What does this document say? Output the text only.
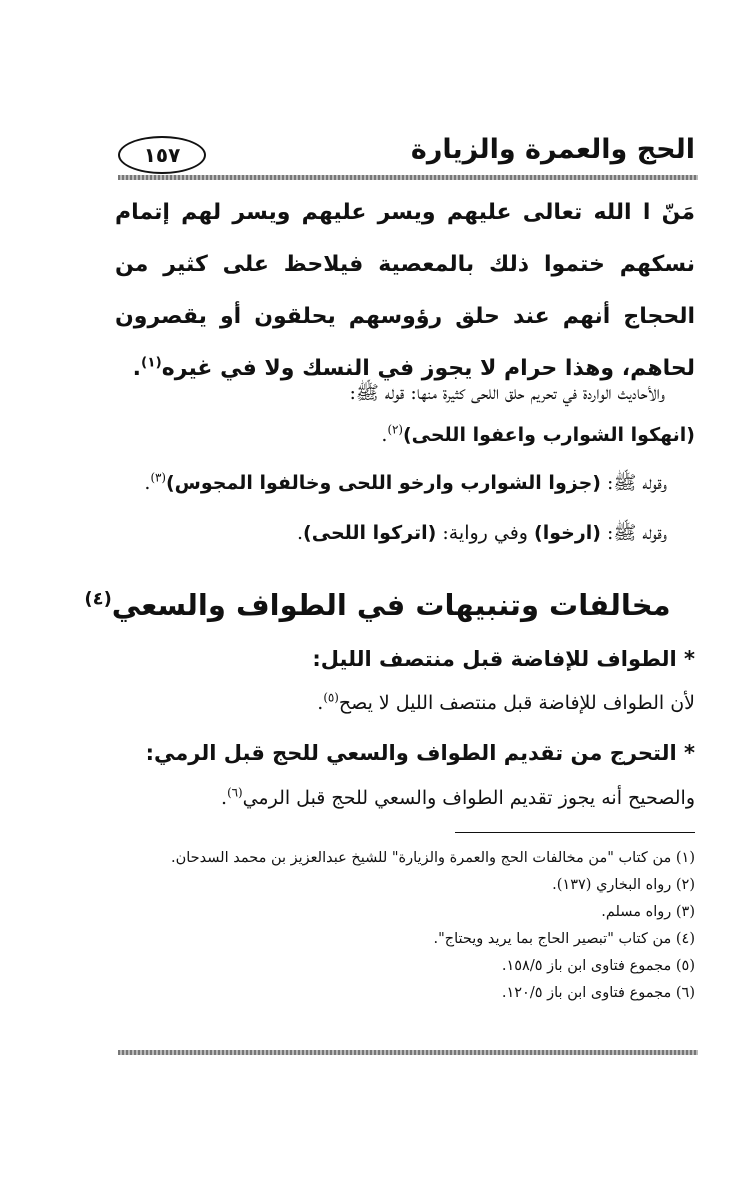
الحج والعمرة والزيارة
١٥٧
مَنّ ا الله تعالى عليهم ويسر عليهم ويسر لهم إتمام نسكهم ختموا ذلك بالمعصية فيلاحظ على كثير من الحجاج أنهم عند حلق رؤوسهم يحلقون أو يقصرون لحاهم، وهذا حرام لا يجوز في النسك ولا في غيره$^{(١)}$.
والأحاديث الواردة في تحريم حلق اللحى كثيرة منها: قوله ﷺ:
(انهكوا الشوارب واعفوا اللحى)$^{(٢)}$.
وقوله ﷺ: (جزوا الشوارب وارخو اللحى وخالفوا المجوس)$^{(٣)}$.
وقوله ﷺ: (ارخوا) وفي رواية: (اتركوا اللحى).
مخالفات وتنبيهات في الطواف والسعي$^{(٤)}$
* الطواف للإفاضة قبل منتصف الليل:
لأن الطواف للإفاضة قبل منتصف الليل لا يصح$^{(٥)}$.
* التحرج من تقديم الطواف والسعي للحج قبل الرمي:
والصحيح أنه يجوز تقديم الطواف والسعي للحج قبل الرمي$^{(٦)}$.
(١) من كتاب "من مخالفات الحج والعمرة والزيارة" للشيخ عبدالعزيز بن محمد السدحان.
(٢) رواه البخاري (١٣٧).
(٣) رواه مسلم.
(٤) من كتاب "تبصير الحاج بما يريد ويحتاج".
(٥) مجموع فتاوى ابن باز ١٥٨/٥.
(٦) مجموع فتاوى ابن باز ١٢٠/٥.
